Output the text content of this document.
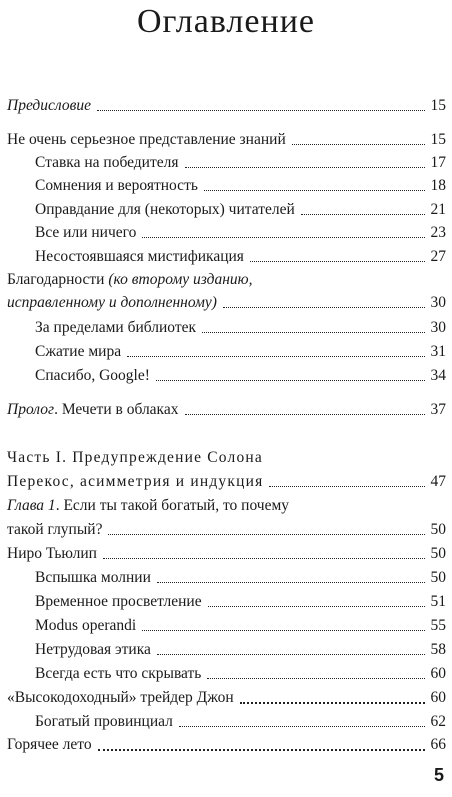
Оглавление
Предисловие	15
Не очень серьезное представление знаний	15
Ставка на победителя	17
Сомнения и вероятность	18
Оправдание для (некоторых) читателей	21
Все или ничего	23
Несостоявшаяся мистификация	27
Благодарности (ко второму изданию,
исправленному и дополненному)	30
За пределами библиотек	30
Сжатие мира	31
Спасибо, Google!	34
Пролог. Мечети в облаках	37
Часть I. Предупреждение Солона
Перекос, асимметрия и индукция	47
Глава 1. Если ты такой богатый, то почему
такой глупый?	50
Ниро Тьюлип	50
Вспышка молнии	50
Временное просветление	51
Modus operandi	55
Нетрудовая этика	58
Всегда есть что скрывать	60
«Высокодоходный» трейдер Джон	60
Богатый провинциал	62
Горячее лето	66
5
